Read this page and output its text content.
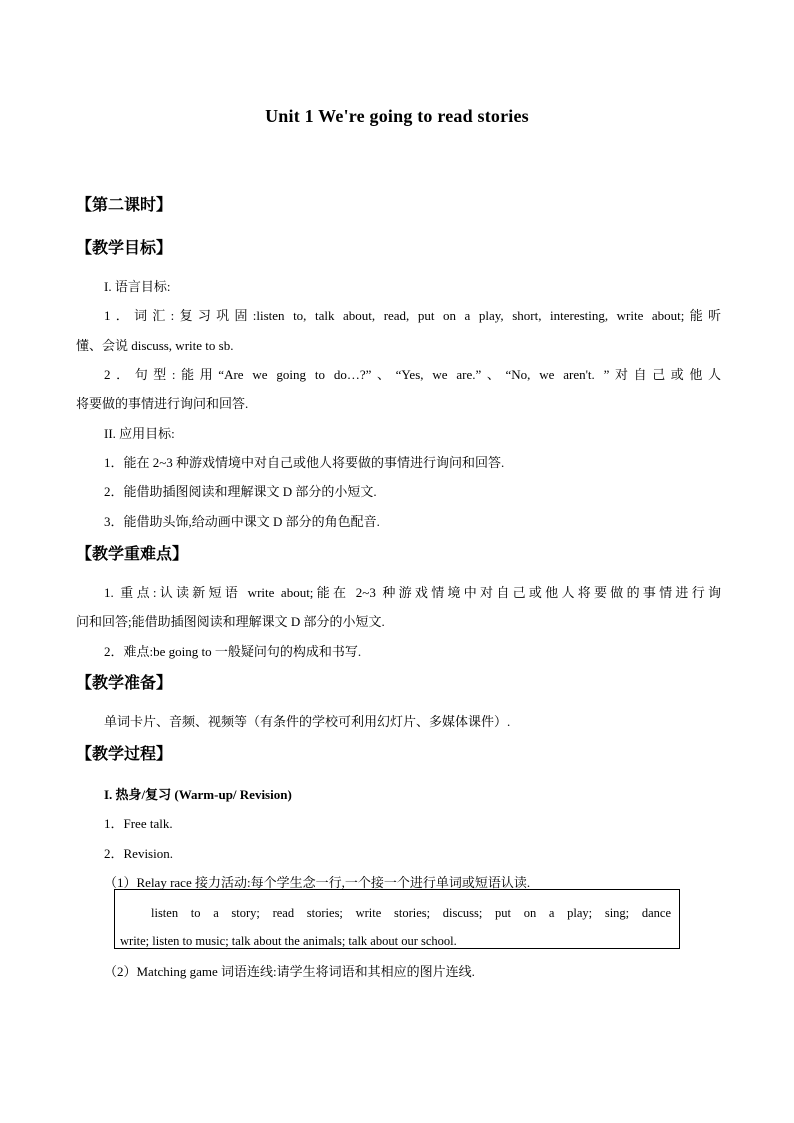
Unit 1 We're going to read stories
【第二课时】
【教学目标】
I. 语言目标:
1．词汇:复习巩固:listen to, talk about, read, put on a play, short, interesting, write about;能听
懂、会说 discuss, write to sb.
2．句型:能用“Are we going to do…?”、“Yes, we are.”、“No, we aren't. ”对自己或他人
将要做的事情进行询问和回答.
II. 应用目标:
1．能在 2~3 种游戏情境中对自己或他人将要做的事情进行询问和回答.
2．能借助插图阅读和理解课文 D 部分的小短文.
3．能借助头饰,给动画中课文 D 部分的角色配音.
【教学重难点】
1. 重点:认读新短语 write about;能在 2~3 种游戏情境中对自己或他人将要做的事情进行询
问和回答;能借助插图阅读和理解课文 D 部分的小短文.
2．难点:be going to 一般疑问句的构成和书写.
【教学准备】
单词卡片、音频、视频等（有条件的学校可利用幻灯片、多媒体课件）.
【教学过程】
I. 热身/复习 (Warm-up/ Revision)
1．Free talk.
2．Revision.
（1）Relay race 接力活动:每个学生念一行,一个接一个进行单词或短语认读.
listen to a story; read stories; write stories; discuss; put on a play; sing; dance
write; listen to music; talk about the animals; talk about our school.
（2）Matching game 词语连线:请学生将词语和其相应的图片连线.
